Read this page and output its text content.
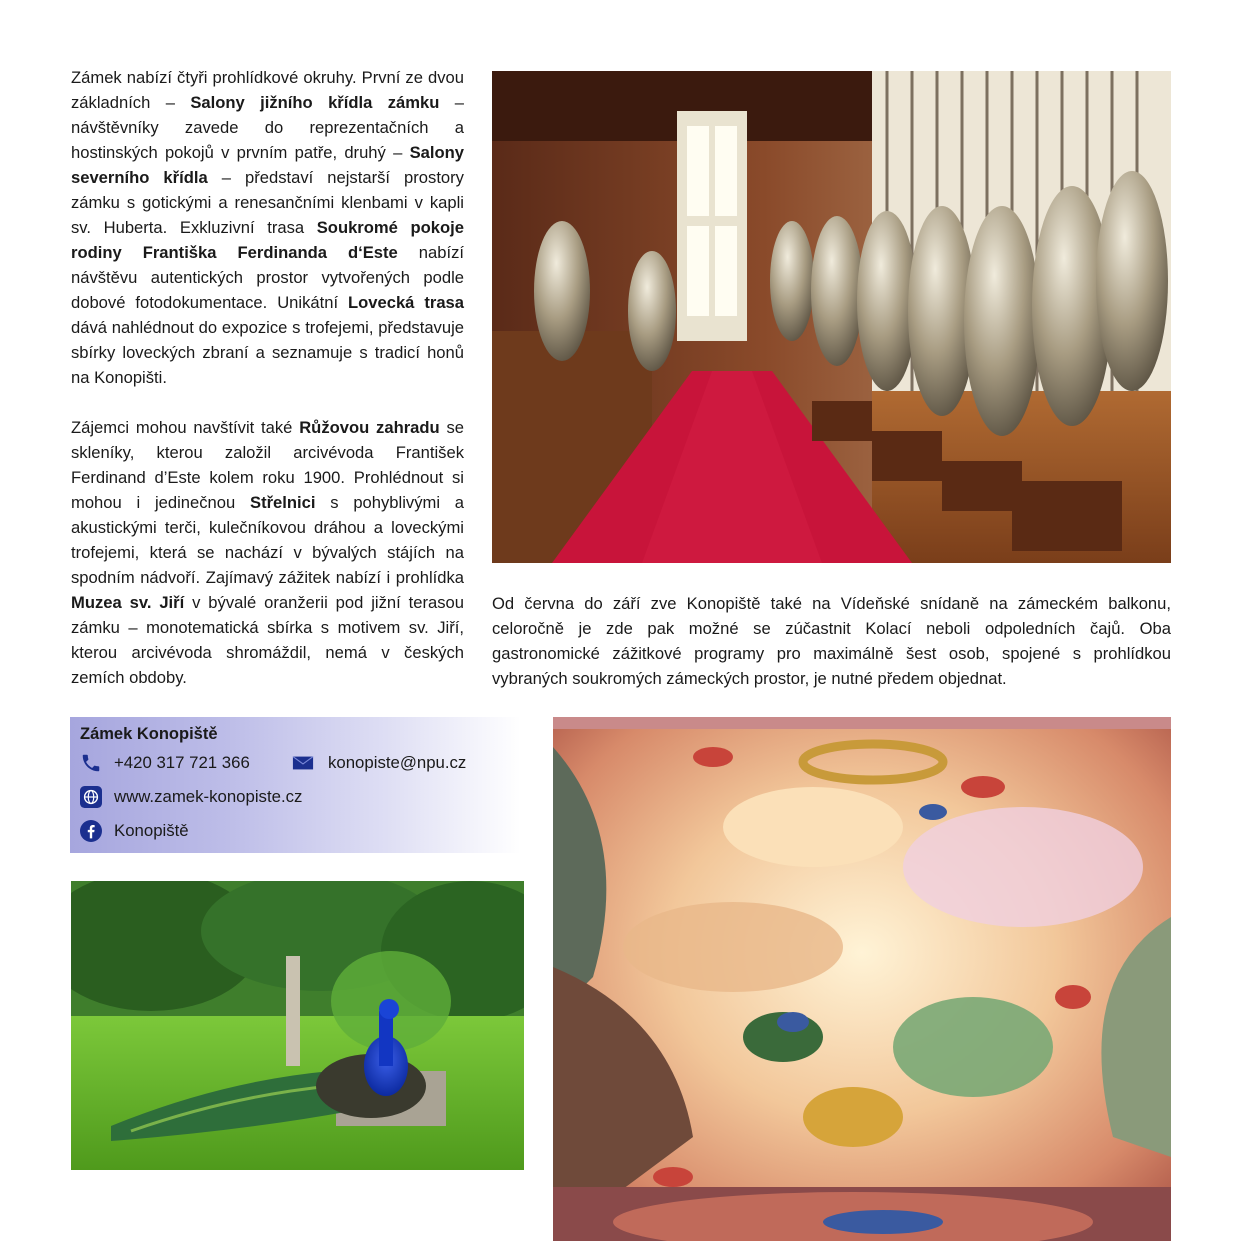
Zámek nabízí čtyři prohlídkové okruhy. První ze dvou základních – Salony jižního křídla zámku – návštěvníky zavede do reprezentačních a hostinských pokojů v prvním patře, druhý – Salony severního křídla – představí nejstarší prostory zámku s gotickými a renesančními klenbami v kapli sv. Huberta. Exkluzivní trasa Soukromé pokoje rodiny Františka Ferdinanda d‘Este nabízí návštěvu autentických prostor vytvořených podle dobové fotodokumentace. Unikátní Lovecká trasa dává nahlédnout do expozice s trofejemi, představuje sbírky loveckých zbraní a seznamuje s tradicí honů na Konopišti.

Zájemci mohou navštívit také Růžovou zahradu se skleníky, kterou založil arcivévoda František Ferdinand d’Este kolem roku 1900. Prohlédnout si mohou i jedinečnou Střelnici s pohyblivými a akustickými terči, kulečníkovou dráhou a loveckými trofejemi, která se nachází v bývalých stájích na spodním nádvoří. Zajímavý zážitek nabízí i prohlídka Muzea sv. Jiří v bývalé oranžerii pod jižní terasou zámku – monotematická sbírka s motivem sv. Jiří, kterou arcivévoda shromáždil, nemá v českých zemích obdoby.

Od června do září zve Konopiště také na Vídeňské snídaně na zámeckém balkonu, celoročně je zde pak možné se zúčastnit Kolací neboli odpoledních čajů. Oba gastronomické zážitkové programy pro maximálně šest osob, spojené s prohlídkou vybraných soukromých zámeckých prostor, je nutné předem objednat.

Zámek Konopiště
+420 317 721 366	konopiste@npu.cz
www.zamek-konopiste.cz
Konopiště
